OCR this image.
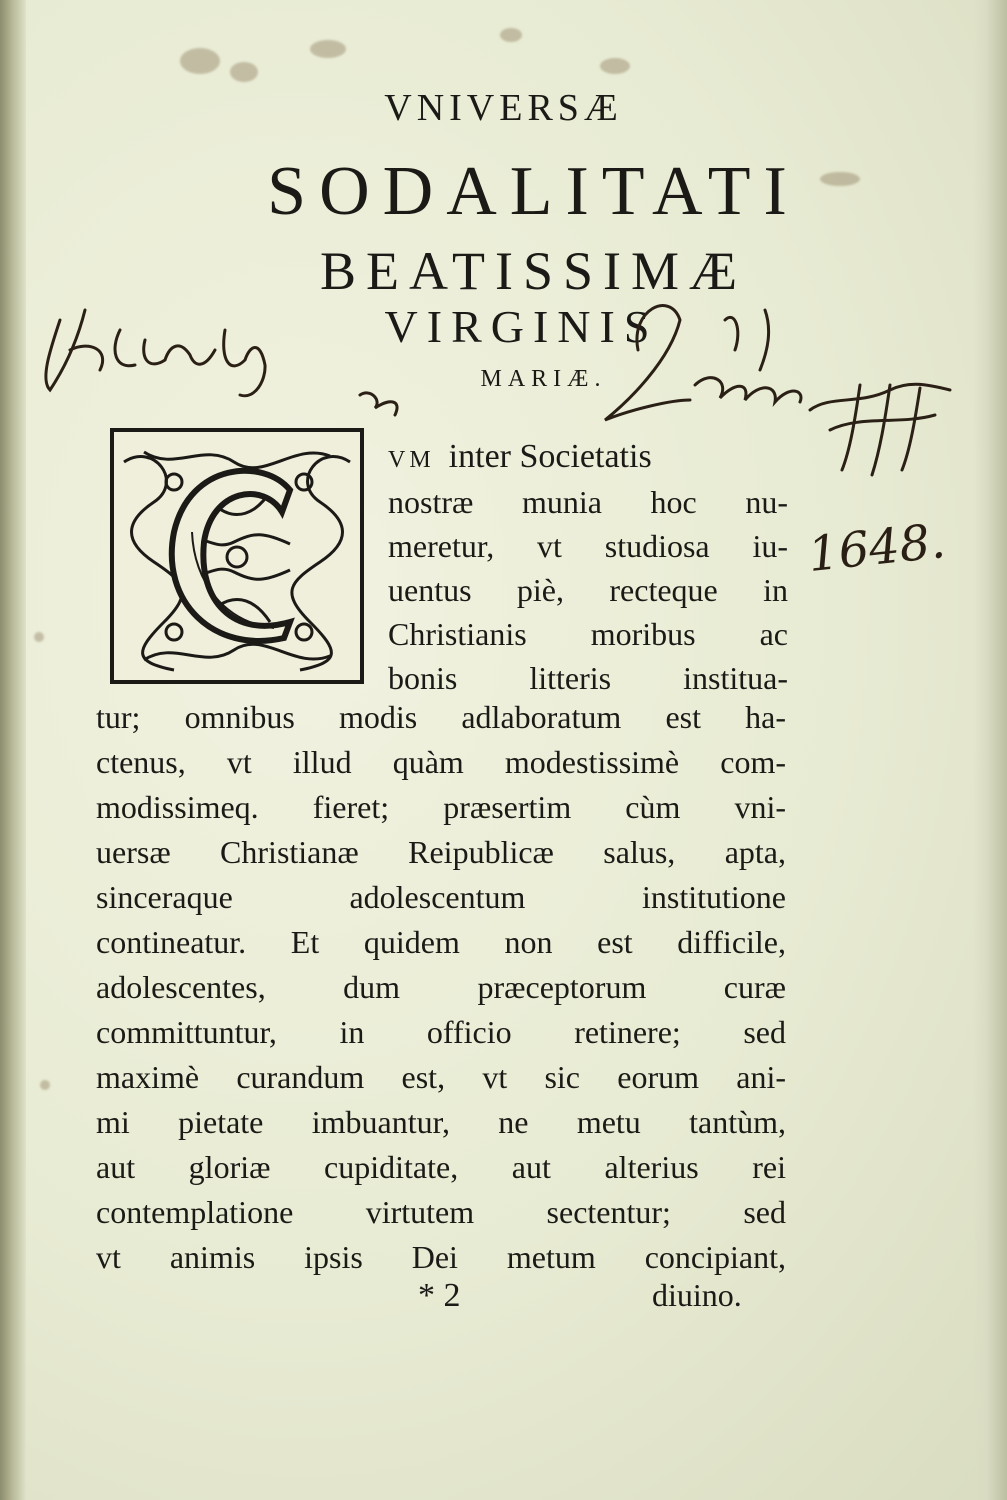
VNIVERSÆ
SODALITATI
BEATISSIMÆ
VIRGINIS
MARIÆ.
VM inter Societatis
nostræ munia hoc nu-
meretur, vt studiosa iu-
uentus piè, recteque in
Christianis moribus ac
bonis litteris institua-
tur; omnibus modis adlaboratum est ha-
ctenus, vt illud quàm modestissimè com-
modissimeq. fieret; præsertim cùm vni-
uersæ Christianæ Reipublicæ salus, apta,
sinceraque adolescentum institutione
contineatur. Et quidem non est difficile,
adolescentes, dum præceptorum curæ
committuntur, in officio retinere; sed
maximè curandum est, vt sic eorum ani-
mi pietate imbuantur, ne metu tantùm,
aut gloriæ cupiditate, aut alterius rei
contemplatione virtutem sectentur; sed
vt animis ipsis Dei metum concipiant,
* 2	diuino.
1648.
